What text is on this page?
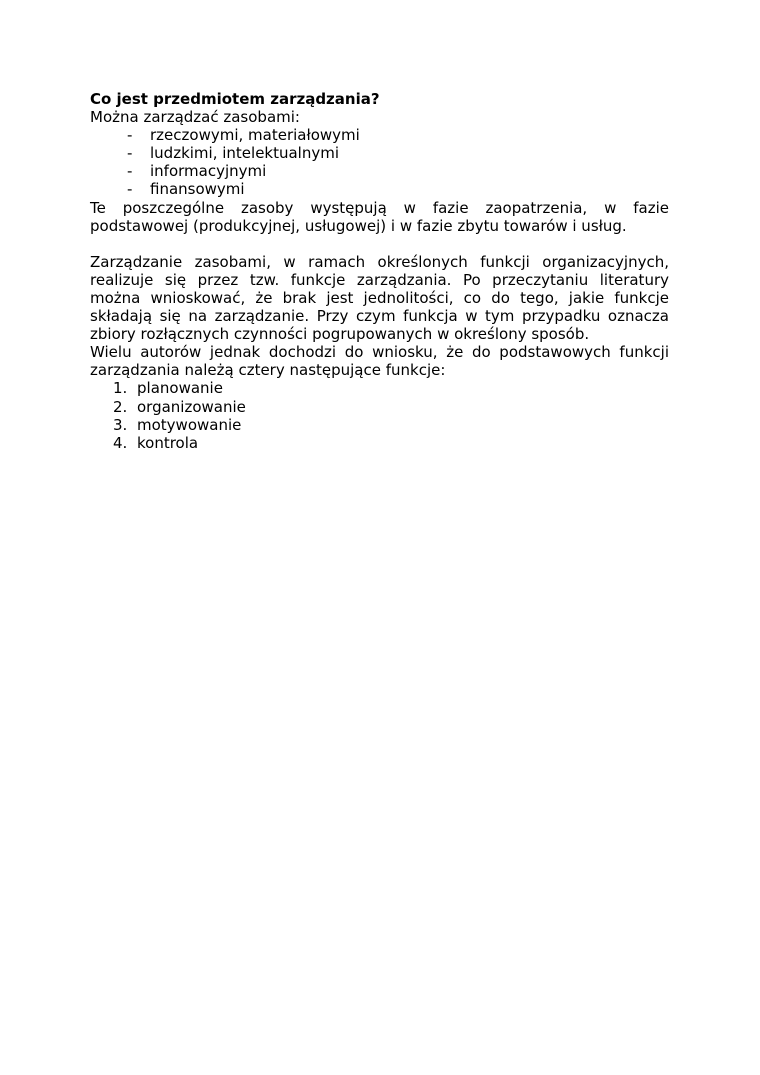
Co jest przedmiotem zarządzania?
Można zarządzać zasobami:
- rzeczowymi, materiałowymi
- ludzkimi, intelektualnymi
- informacyjnymi
- finansowymi
Te poszczególne zasoby występują w fazie zaopatrzenia, w fazie
podstawowej (produkcyjnej, usługowej) i w fazie zbytu towarów i usług.
Zarządzanie zasobami, w ramach określonych funkcji organizacyjnych,
realizuje się przez tzw. funkcje zarządzania. Po przeczytaniu literatury
można wnioskować, że brak jest jednolitości, co do tego, jakie funkcje
składają się na zarządzanie. Przy czym funkcja w tym przypadku oznacza
zbiory rozłącznych czynności pogrupowanych w określony sposób.
Wielu autorów jednak dochodzi do wniosku, że do podstawowych funkcji
zarządzania należą cztery następujące funkcje:
1. planowanie
2. organizowanie
3. motywowanie
4. kontrola
